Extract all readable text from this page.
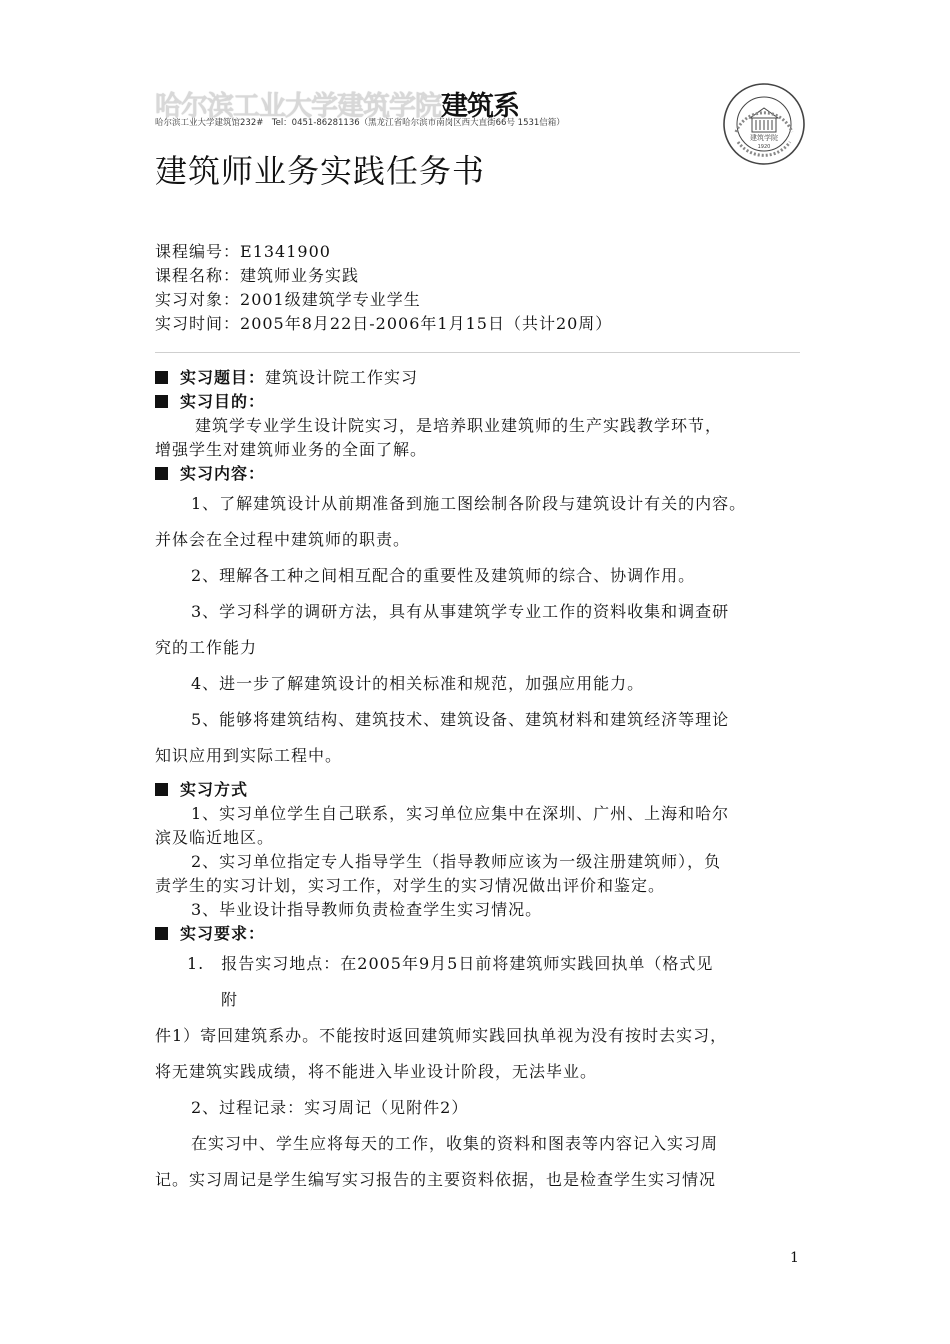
哈尔滨工业大学建筑学院建筑系
哈尔滨工业大学建筑馆232#　Tel：0451-86281136（黑龙江省哈尔滨市南岗区西大直街66号 1531信箱）
建筑学院
1920
建筑师业务实践任务书
课程编号：E1341900
课程名称：建筑师业务实践
实习对象：2001级建筑学专业学生
实习时间：2005年8月22日-2006年1月15日（共计20周）
实习题目：建筑设计院工作实习
实习目的：
建筑学专业学生设计院实习，是培养职业建筑师的生产实践教学环节，
增强学生对建筑师业务的全面了解。
实习内容：
1、了解建筑设计从前期准备到施工图绘制各阶段与建筑设计有关的内容。
并体会在全过程中建筑师的职责。
2、理解各工种之间相互配合的重要性及建筑师的综合、协调作用。
3、学习科学的调研方法，具有从事建筑学专业工作的资料收集和调查研
究的工作能力
4、进一步了解建筑设计的相关标准和规范，加强应用能力。
5、能够将建筑结构、建筑技术、建筑设备、建筑材料和建筑经济等理论
知识应用到实际工程中。
实习方式
1、实习单位学生自己联系，实习单位应集中在深圳、广州、上海和哈尔
滨及临近地区。
2、实习单位指定专人指导学生（指导教师应该为一级注册建筑师），负
责学生的实习计划，实习工作，对学生的实习情况做出评价和鉴定。
3、毕业设计指导教师负责检查学生实习情况。
实习要求：
1.　报告实习地点：在2005年9月5日前将建筑师实践回执单（格式见
附
件1）寄回建筑系办。不能按时返回建筑师实践回执单视为没有按时去实习，
将无建筑实践成绩，将不能进入毕业设计阶段，无法毕业。
2、过程记录：实习周记（见附件2）
在实习中、学生应将每天的工作，收集的资料和图表等内容记入实习周
记。实习周记是学生编写实习报告的主要资料依据，也是检查学生实习情况
1
